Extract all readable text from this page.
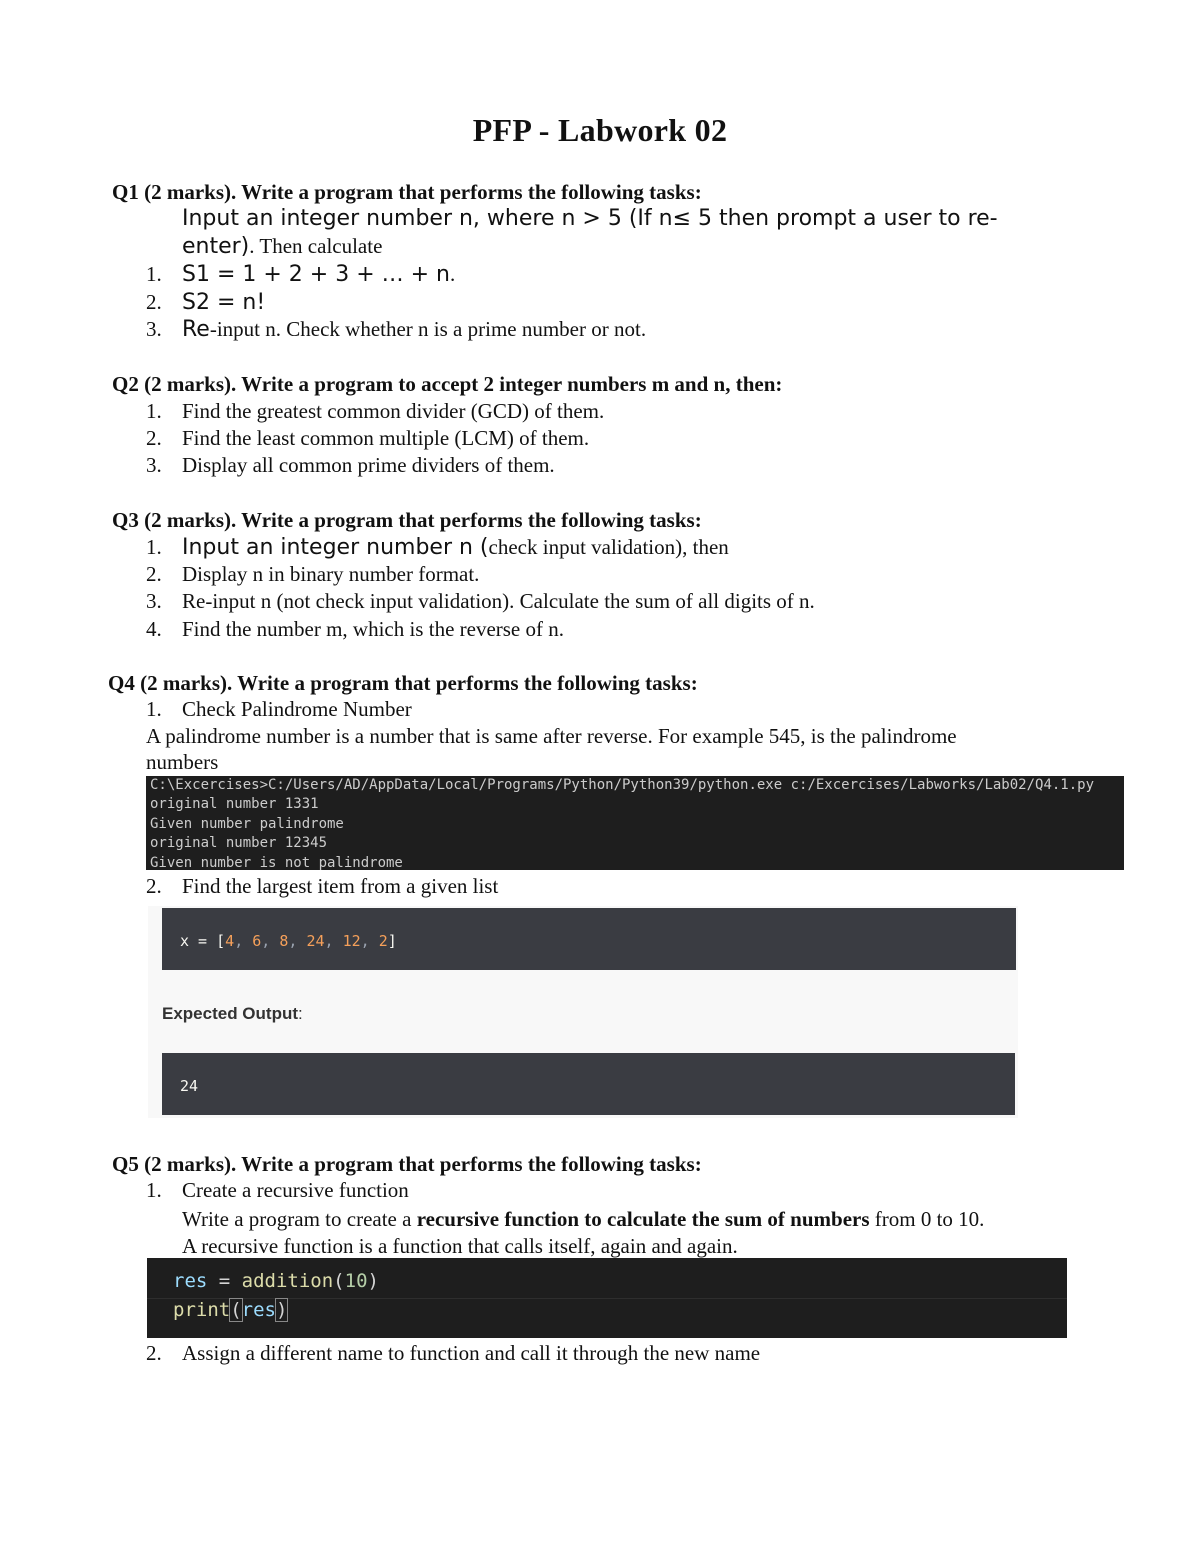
PFP - Labwork 02
Q1 (2 marks). Write a program that performs the following tasks:
Input an integer number n, where n > 5 (If n≤ 5 then prompt a user to re-
enter). Then calculate
1. S1 = 1 + 2 + 3 + … + n.
2. S2 = n!
3. Re-input n. Check whether n is a prime number or not.
Q2 (2 marks). Write a program to accept 2 integer numbers m and n, then:
1. Find the greatest common divider (GCD) of them.
2. Find the least common multiple (LCM) of them.
3. Display all common prime dividers of them.
Q3 (2 marks). Write a program that performs the following tasks:
1. Input an integer number n (check input validation), then
2. Display n in binary number format.
3. Re-input n (not check input validation). Calculate the sum of all digits of n.
4. Find the number m, which is the reverse of n.
Q4 (2 marks). Write a program that performs the following tasks:
1. Check Palindrome Number
A palindrome number is a number that is same after reverse. For example 545, is the palindrome
numbers
C:\Excercises>C:/Users/AD/AppData/Local/Programs/Python/Python39/python.exe c:/Excercises/Labworks/Lab02/Q4.1.py
original number 1331
Given number palindrome
original number 12345
Given number is not palindrome
2. Find the largest item from a given list
x = [4, 6, 8, 24, 12, 2]
Expected Output:
24
Q5 (2 marks). Write a program that performs the following tasks:
1. Create a recursive function
Write a program to create a recursive function to calculate the sum of numbers from 0 to 10.
A recursive function is a function that calls itself, again and again.
res = addition(10)
print(res)
2. Assign a different name to function and call it through the new name
